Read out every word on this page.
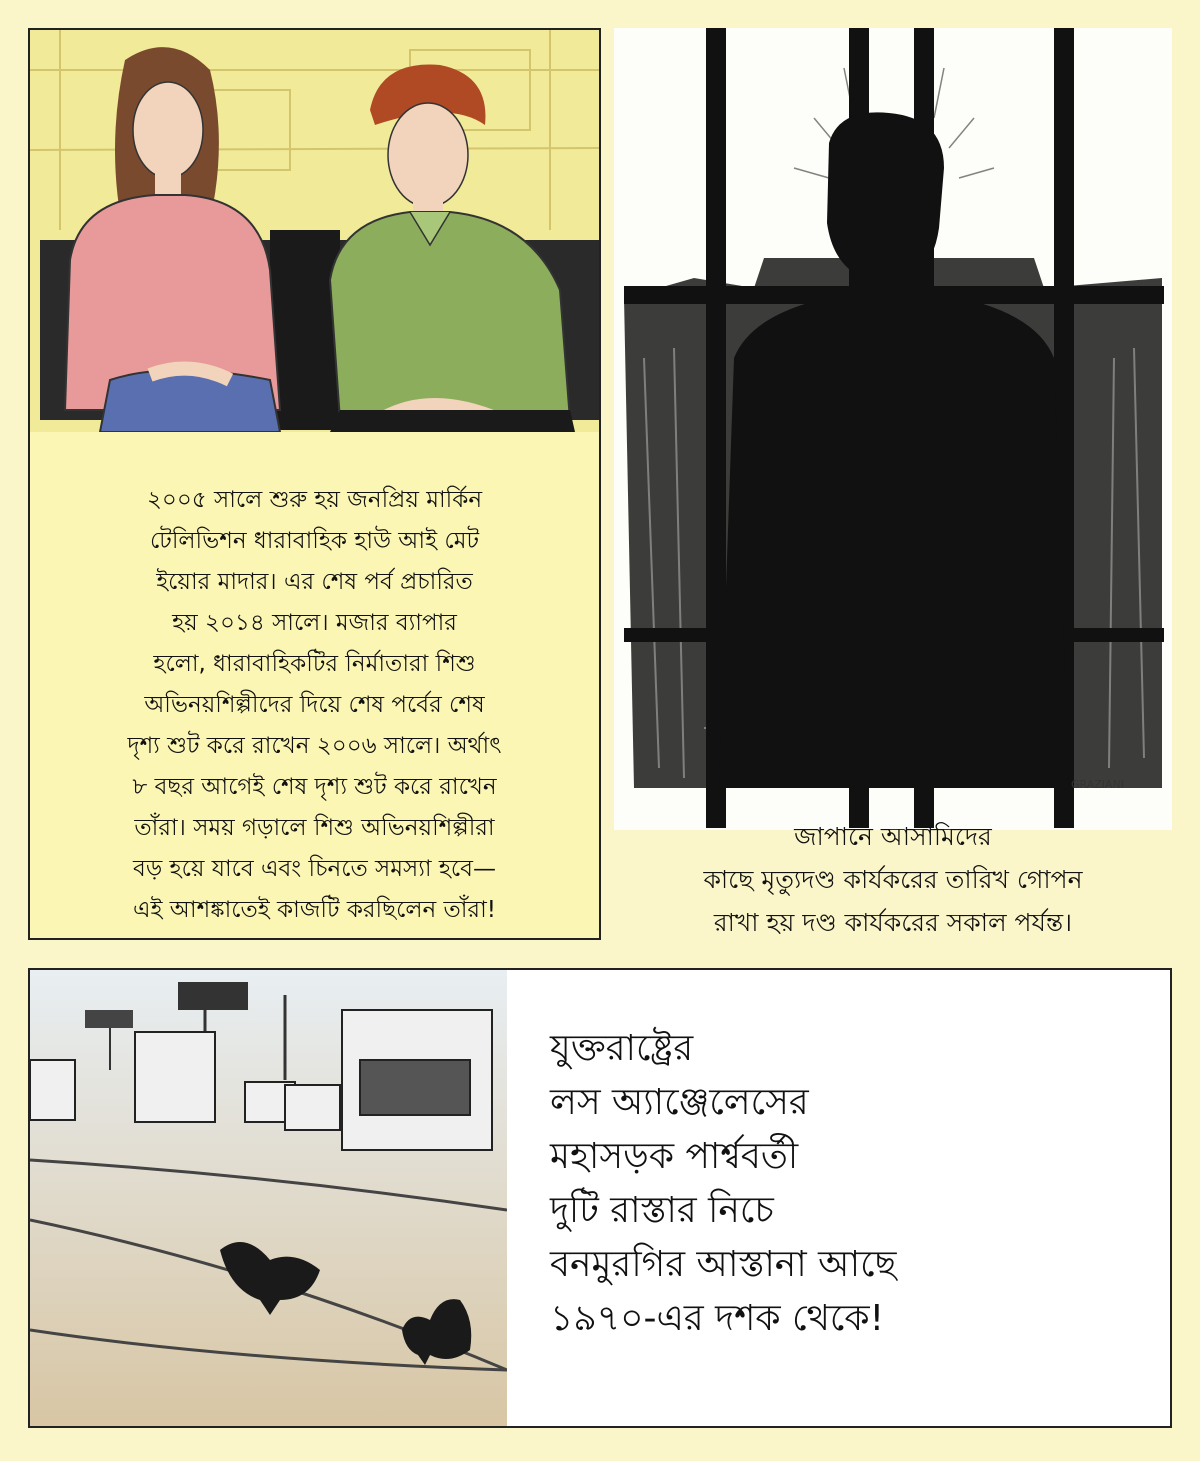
২০০৫ সালে শুরু হয় জনপ্রিয় মার্কিন
টেলিভিশন ধারাবাহিক হাউ আই মেট
ইয়োর মাদার। এর শেষ পর্ব প্রচারিত
হয় ২০১৪ সালে। মজার ব্যাপার
হলো, ধারাবাহিকটির নির্মাতারা শিশু
অভিনয়শিল্পীদের দিয়ে শেষ পর্বের শেষ
দৃশ্য শুট করে রাখেন ২০০৬ সালে। অর্থাৎ
৮ বছর আগেই শেষ দৃশ্য শুট করে রাখেন
তাঁরা। সময় গড়ালে শিশু অভিনয়শিল্পীরা
বড় হয়ে যাবে এবং চিনতে সমস্যা হবে—
এই আশঙ্কাতেই কাজটি করছিলেন তাঁরা!
GRAZIANI
জাপানে আসামিদের
কাছে মৃত্যুদণ্ড কার্যকরের তারিখ গোপন
রাখা হয় দণ্ড কার্যকরের সকাল পর্যন্ত।
যুক্তরাষ্ট্রের
লস অ্যাঞ্জেলেসের
মহাসড়ক পার্শ্ববর্তী
দুটি রাস্তার নিচে
বনমুরগির আস্তানা আছে
১৯৭০-এর দশক থেকে!
